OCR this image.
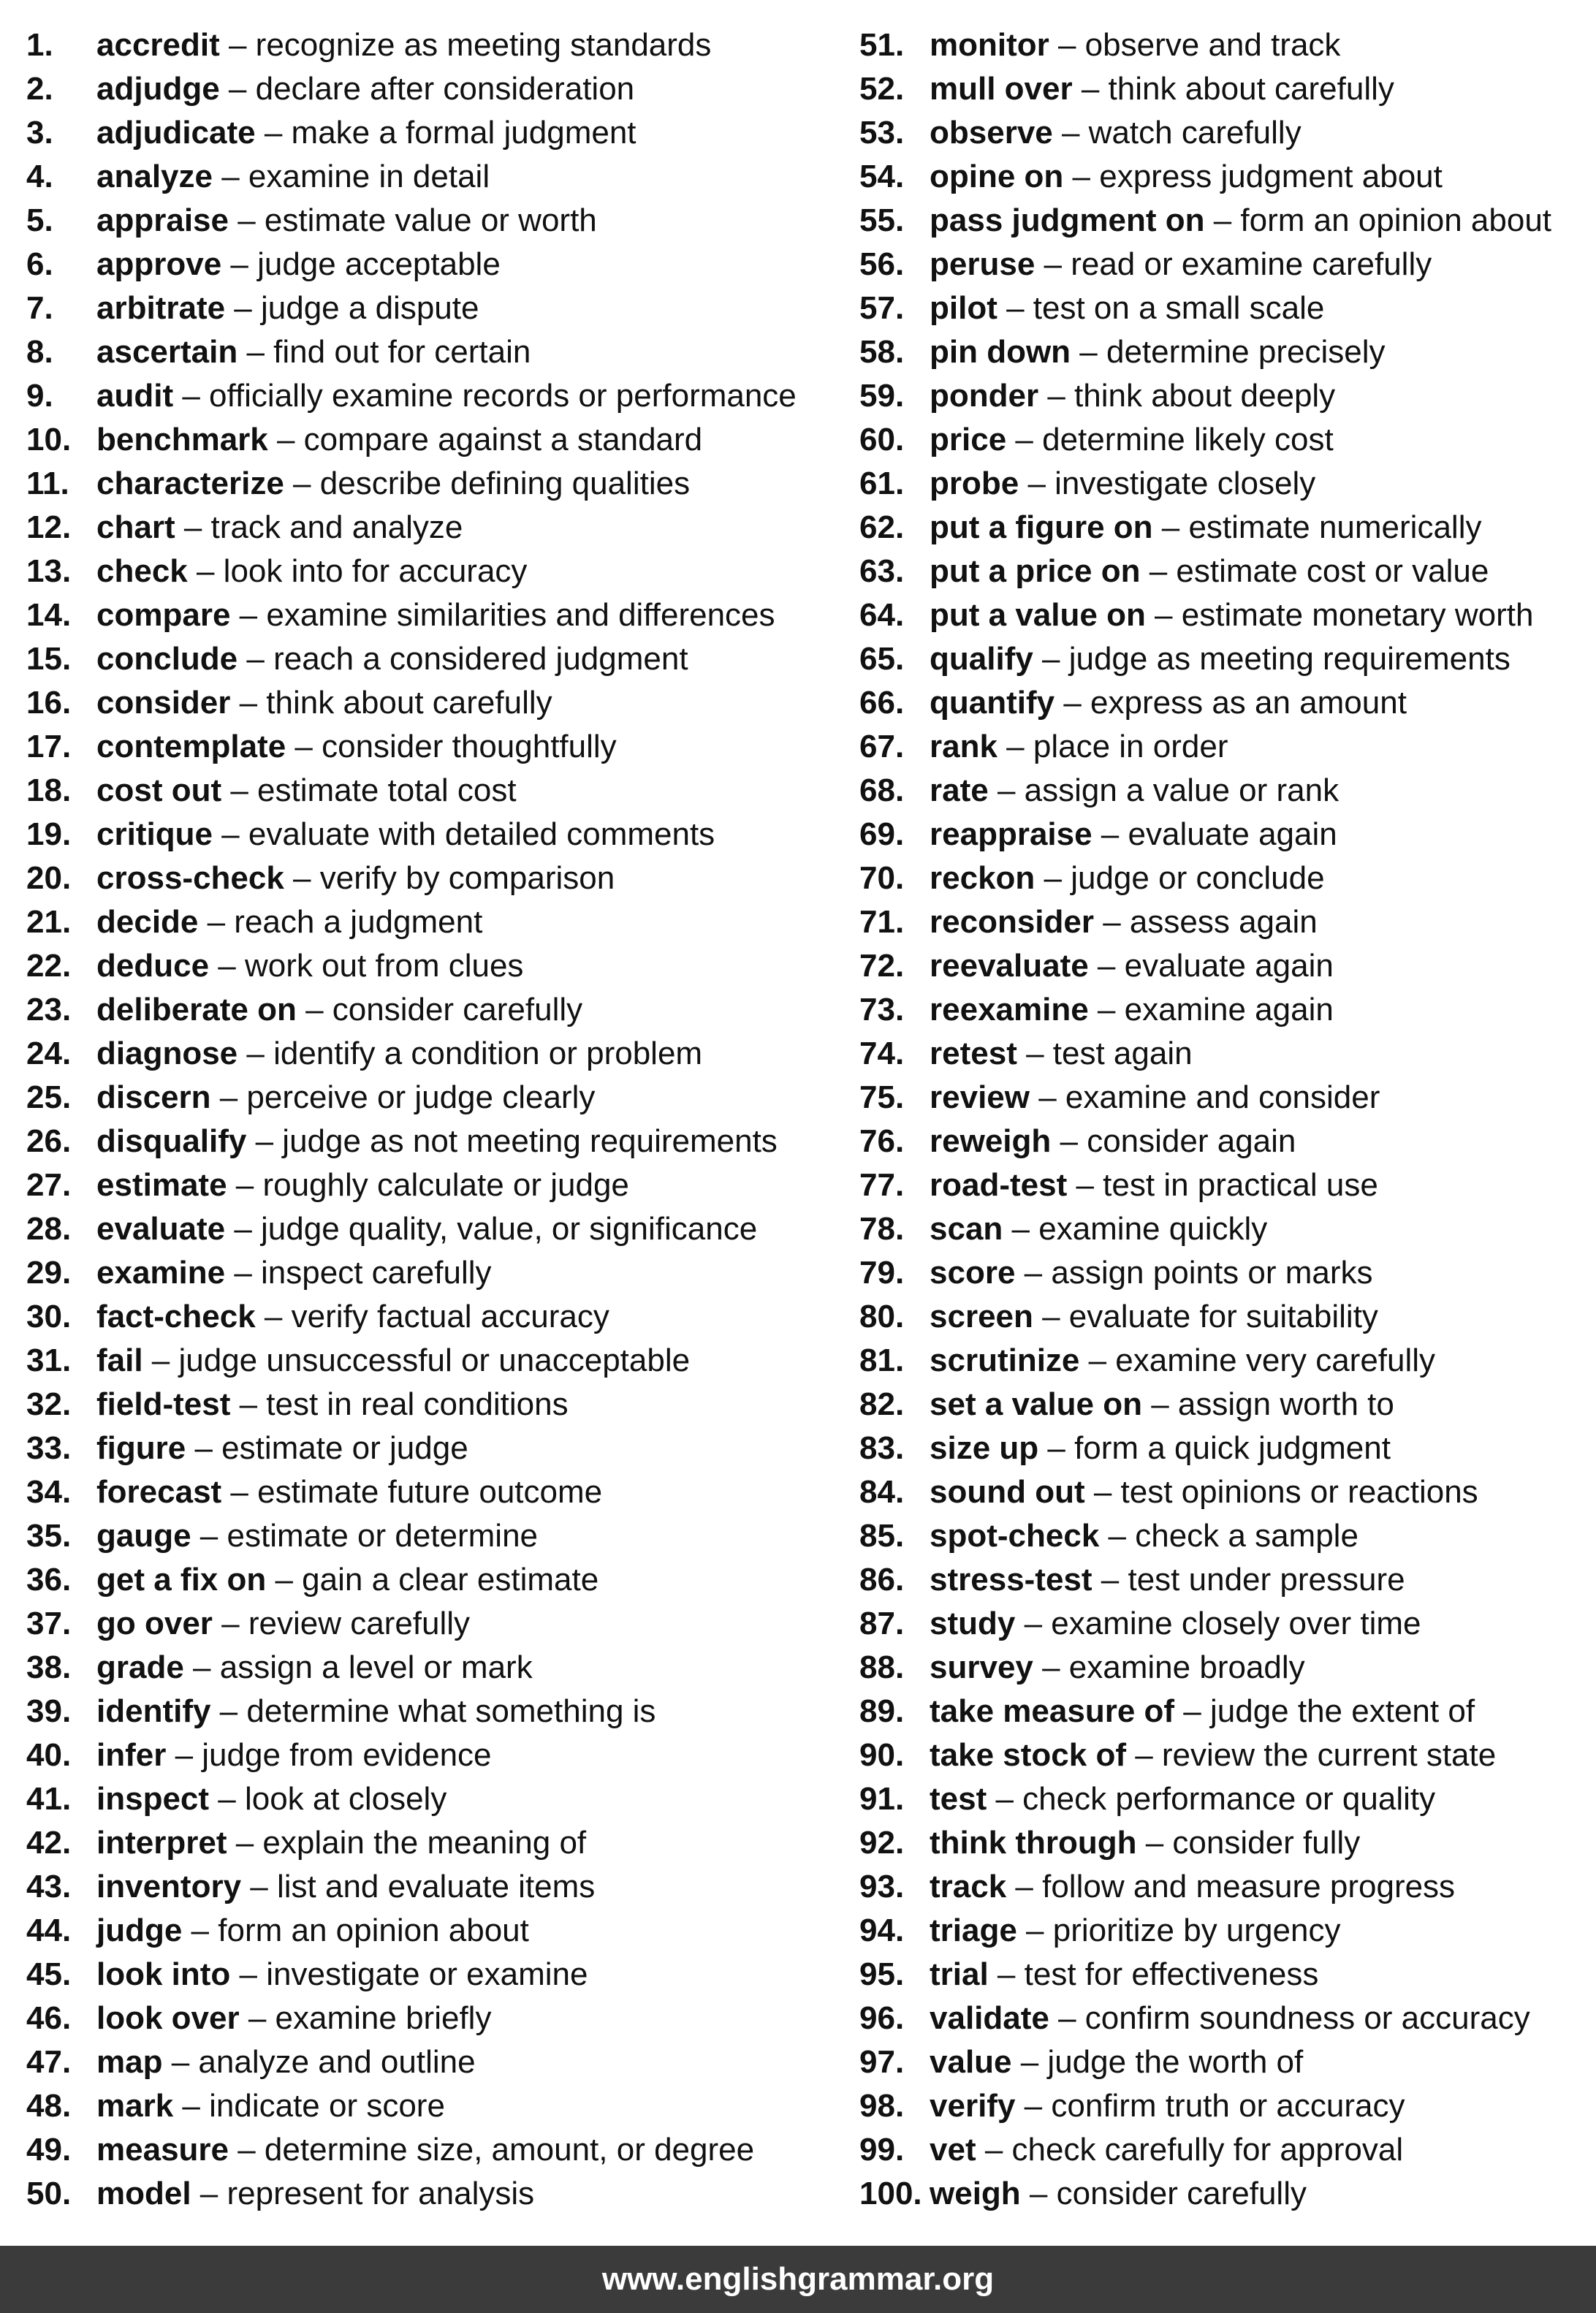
1. accredit – recognize as meeting standards
2. adjudge – declare after consideration
3. adjudicate – make a formal judgment
4. analyze – examine in detail
5. appraise – estimate value or worth
6. approve – judge acceptable
7. arbitrate – judge a dispute
8. ascertain – find out for certain
9. audit – officially examine records or performance
10. benchmark – compare against a standard
11. characterize – describe defining qualities
12. chart – track and analyze
13. check – look into for accuracy
14. compare – examine similarities and differences
15. conclude – reach a considered judgment
16. consider – think about carefully
17. contemplate – consider thoughtfully
18. cost out – estimate total cost
19. critique – evaluate with detailed comments
20. cross-check – verify by comparison
21. decide – reach a judgment
22. deduce – work out from clues
23. deliberate on – consider carefully
24. diagnose – identify a condition or problem
25. discern – perceive or judge clearly
26. disqualify – judge as not meeting requirements
27. estimate – roughly calculate or judge
28. evaluate – judge quality, value, or significance
29. examine – inspect carefully
30. fact-check – verify factual accuracy
31. fail – judge unsuccessful or unacceptable
32. field-test – test in real conditions
33. figure – estimate or judge
34. forecast – estimate future outcome
35. gauge – estimate or determine
36. get a fix on – gain a clear estimate
37. go over – review carefully
38. grade – assign a level or mark
39. identify – determine what something is
40. infer – judge from evidence
41. inspect – look at closely
42. interpret – explain the meaning of
43. inventory – list and evaluate items
44. judge – form an opinion about
45. look into – investigate or examine
46. look over – examine briefly
47. map – analyze and outline
48. mark – indicate or score
49. measure – determine size, amount, or degree
50. model – represent for analysis
51. monitor – observe and track
52. mull over – think about carefully
53. observe – watch carefully
54. opine on – express judgment about
55. pass judgment on – form an opinion about
56. peruse – read or examine carefully
57. pilot – test on a small scale
58. pin down – determine precisely
59. ponder – think about deeply
60. price – determine likely cost
61. probe – investigate closely
62. put a figure on – estimate numerically
63. put a price on – estimate cost or value
64. put a value on – estimate monetary worth
65. qualify – judge as meeting requirements
66. quantify – express as an amount
67. rank – place in order
68. rate – assign a value or rank
69. reappraise – evaluate again
70. reckon – judge or conclude
71. reconsider – assess again
72. reevaluate – evaluate again
73. reexamine – examine again
74. retest – test again
75. review – examine and consider
76. reweigh – consider again
77. road-test – test in practical use
78. scan – examine quickly
79. score – assign points or marks
80. screen – evaluate for suitability
81. scrutinize – examine very carefully
82. set a value on – assign worth to
83. size up – form a quick judgment
84. sound out – test opinions or reactions
85. spot-check – check a sample
86. stress-test – test under pressure
87. study – examine closely over time
88. survey – examine broadly
89. take measure of – judge the extent of
90. take stock of – review the current state
91. test – check performance or quality
92. think through – consider fully
93. track – follow and measure progress
94. triage – prioritize by urgency
95. trial – test for effectiveness
96. validate – confirm soundness or accuracy
97. value – judge the worth of
98. verify – confirm truth or accuracy
99. vet – check carefully for approval
100. weigh – consider carefully
www.englishgrammar.org
